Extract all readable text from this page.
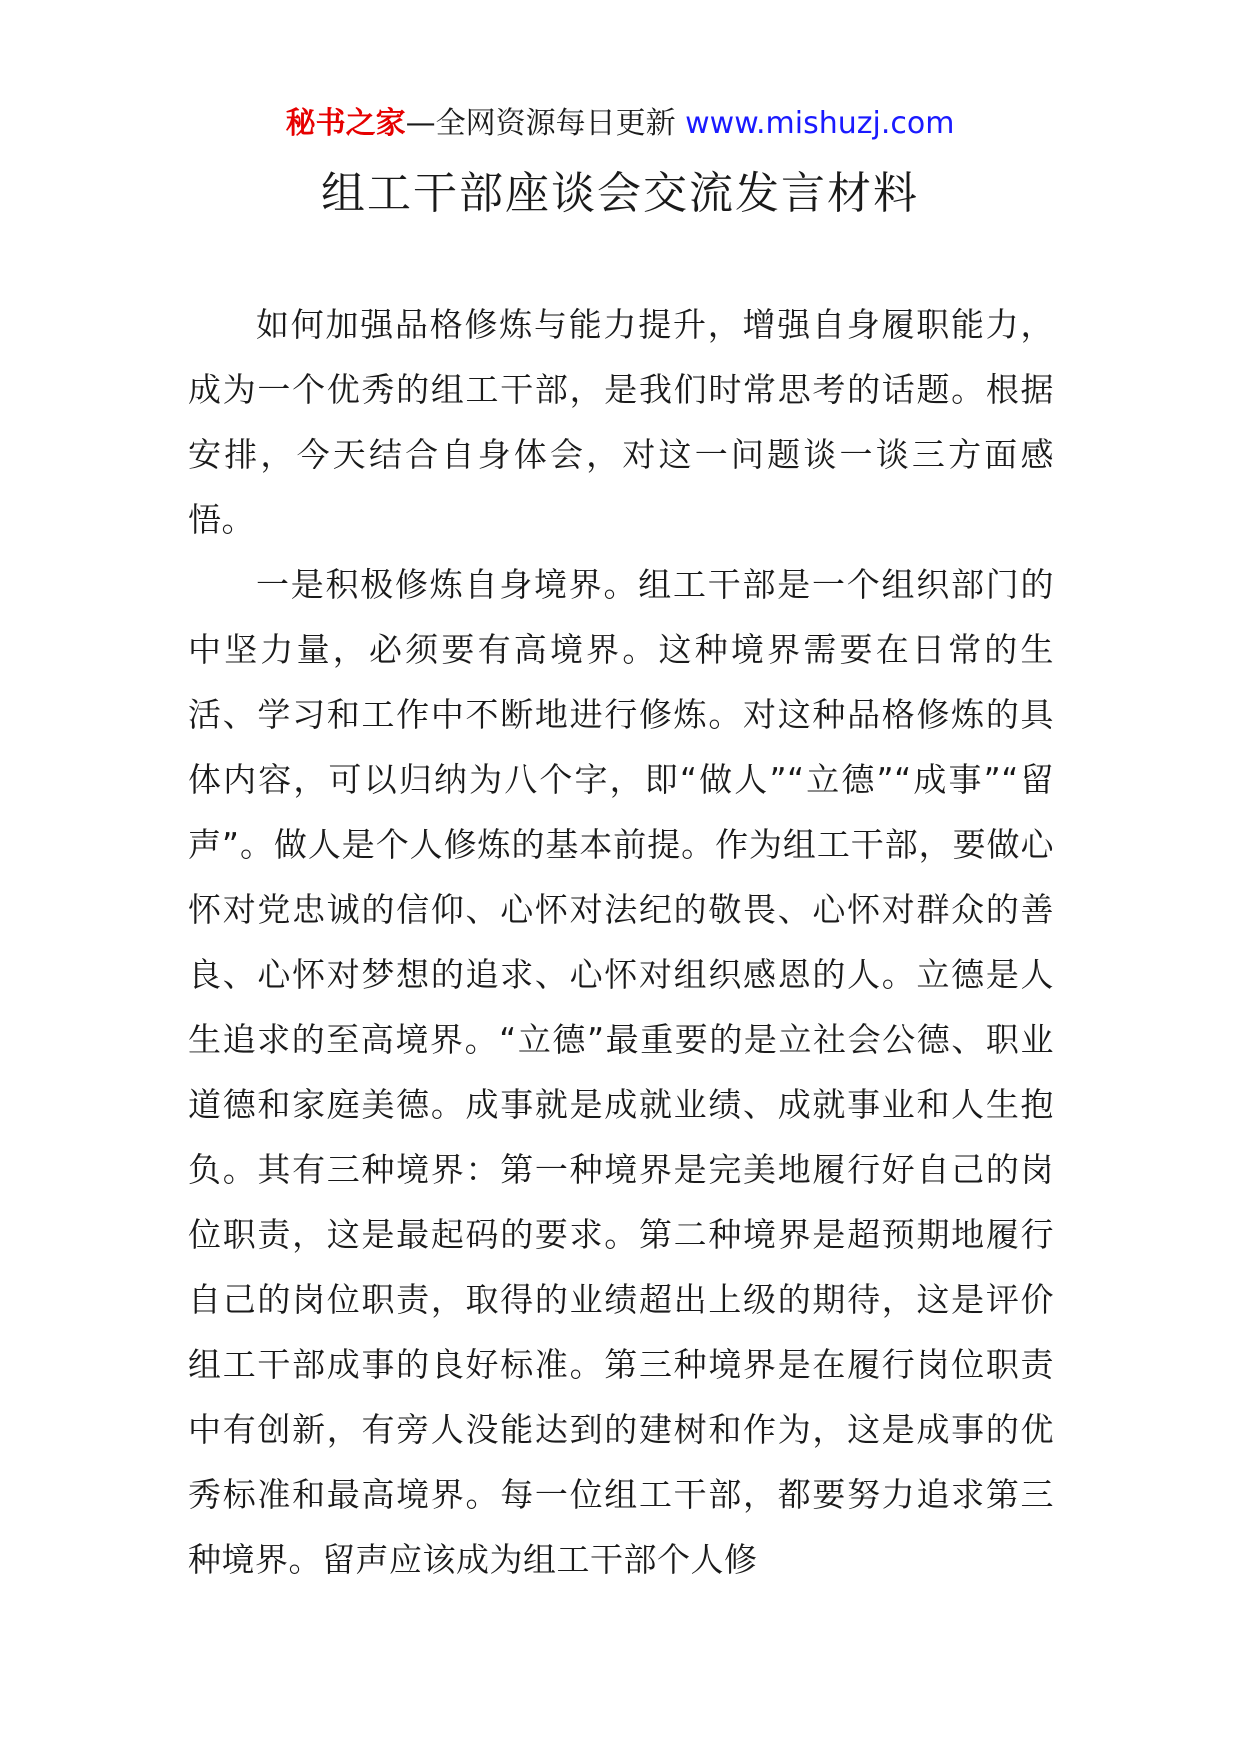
秘书之家—全网资源每日更新 www.mishuzj.com
组工干部座谈会交流发言材料

如何加强品格修炼与能力提升，增强自身履职能力，成为一个优秀的组工干部，是我们时常思考的话题。根据安排，今天结合自身体会，对这一问题谈一谈三方面感悟。

一是积极修炼自身境界。组工干部是一个组织部门的中坚力量，必须要有高境界。这种境界需要在日常的生活、学习和工作中不断地进行修炼。对这种品格修炼的具体内容，可以归纳为八个字，即“做人”“立德”“成事”“留声”。做人是个人修炼的基本前提。作为组工干部，要做心怀对党忠诚的信仰、心怀对法纪的敬畏、心怀对群众的善良、心怀对梦想的追求、心怀对组织感恩的人。立德是人生追求的至高境界。“立德”最重要的是立社会公德、职业道德和家庭美德。成事就是成就业绩、成就事业和人生抱负。其有三种境界：第一种境界是完美地履行好自己的岗位职责，这是最起码的要求。第二种境界是超预期地履行自己的岗位职责，取得的业绩超出上级的期待，这是评价组工干部成事的良好标准。第三种境界是在履行岗位职责中有创新，有旁人没能达到的建树和作为，这是成事的优秀标准和最高境界。每一位组工干部，都要努力追求第三种境界。留声应该成为组工干部个人修
